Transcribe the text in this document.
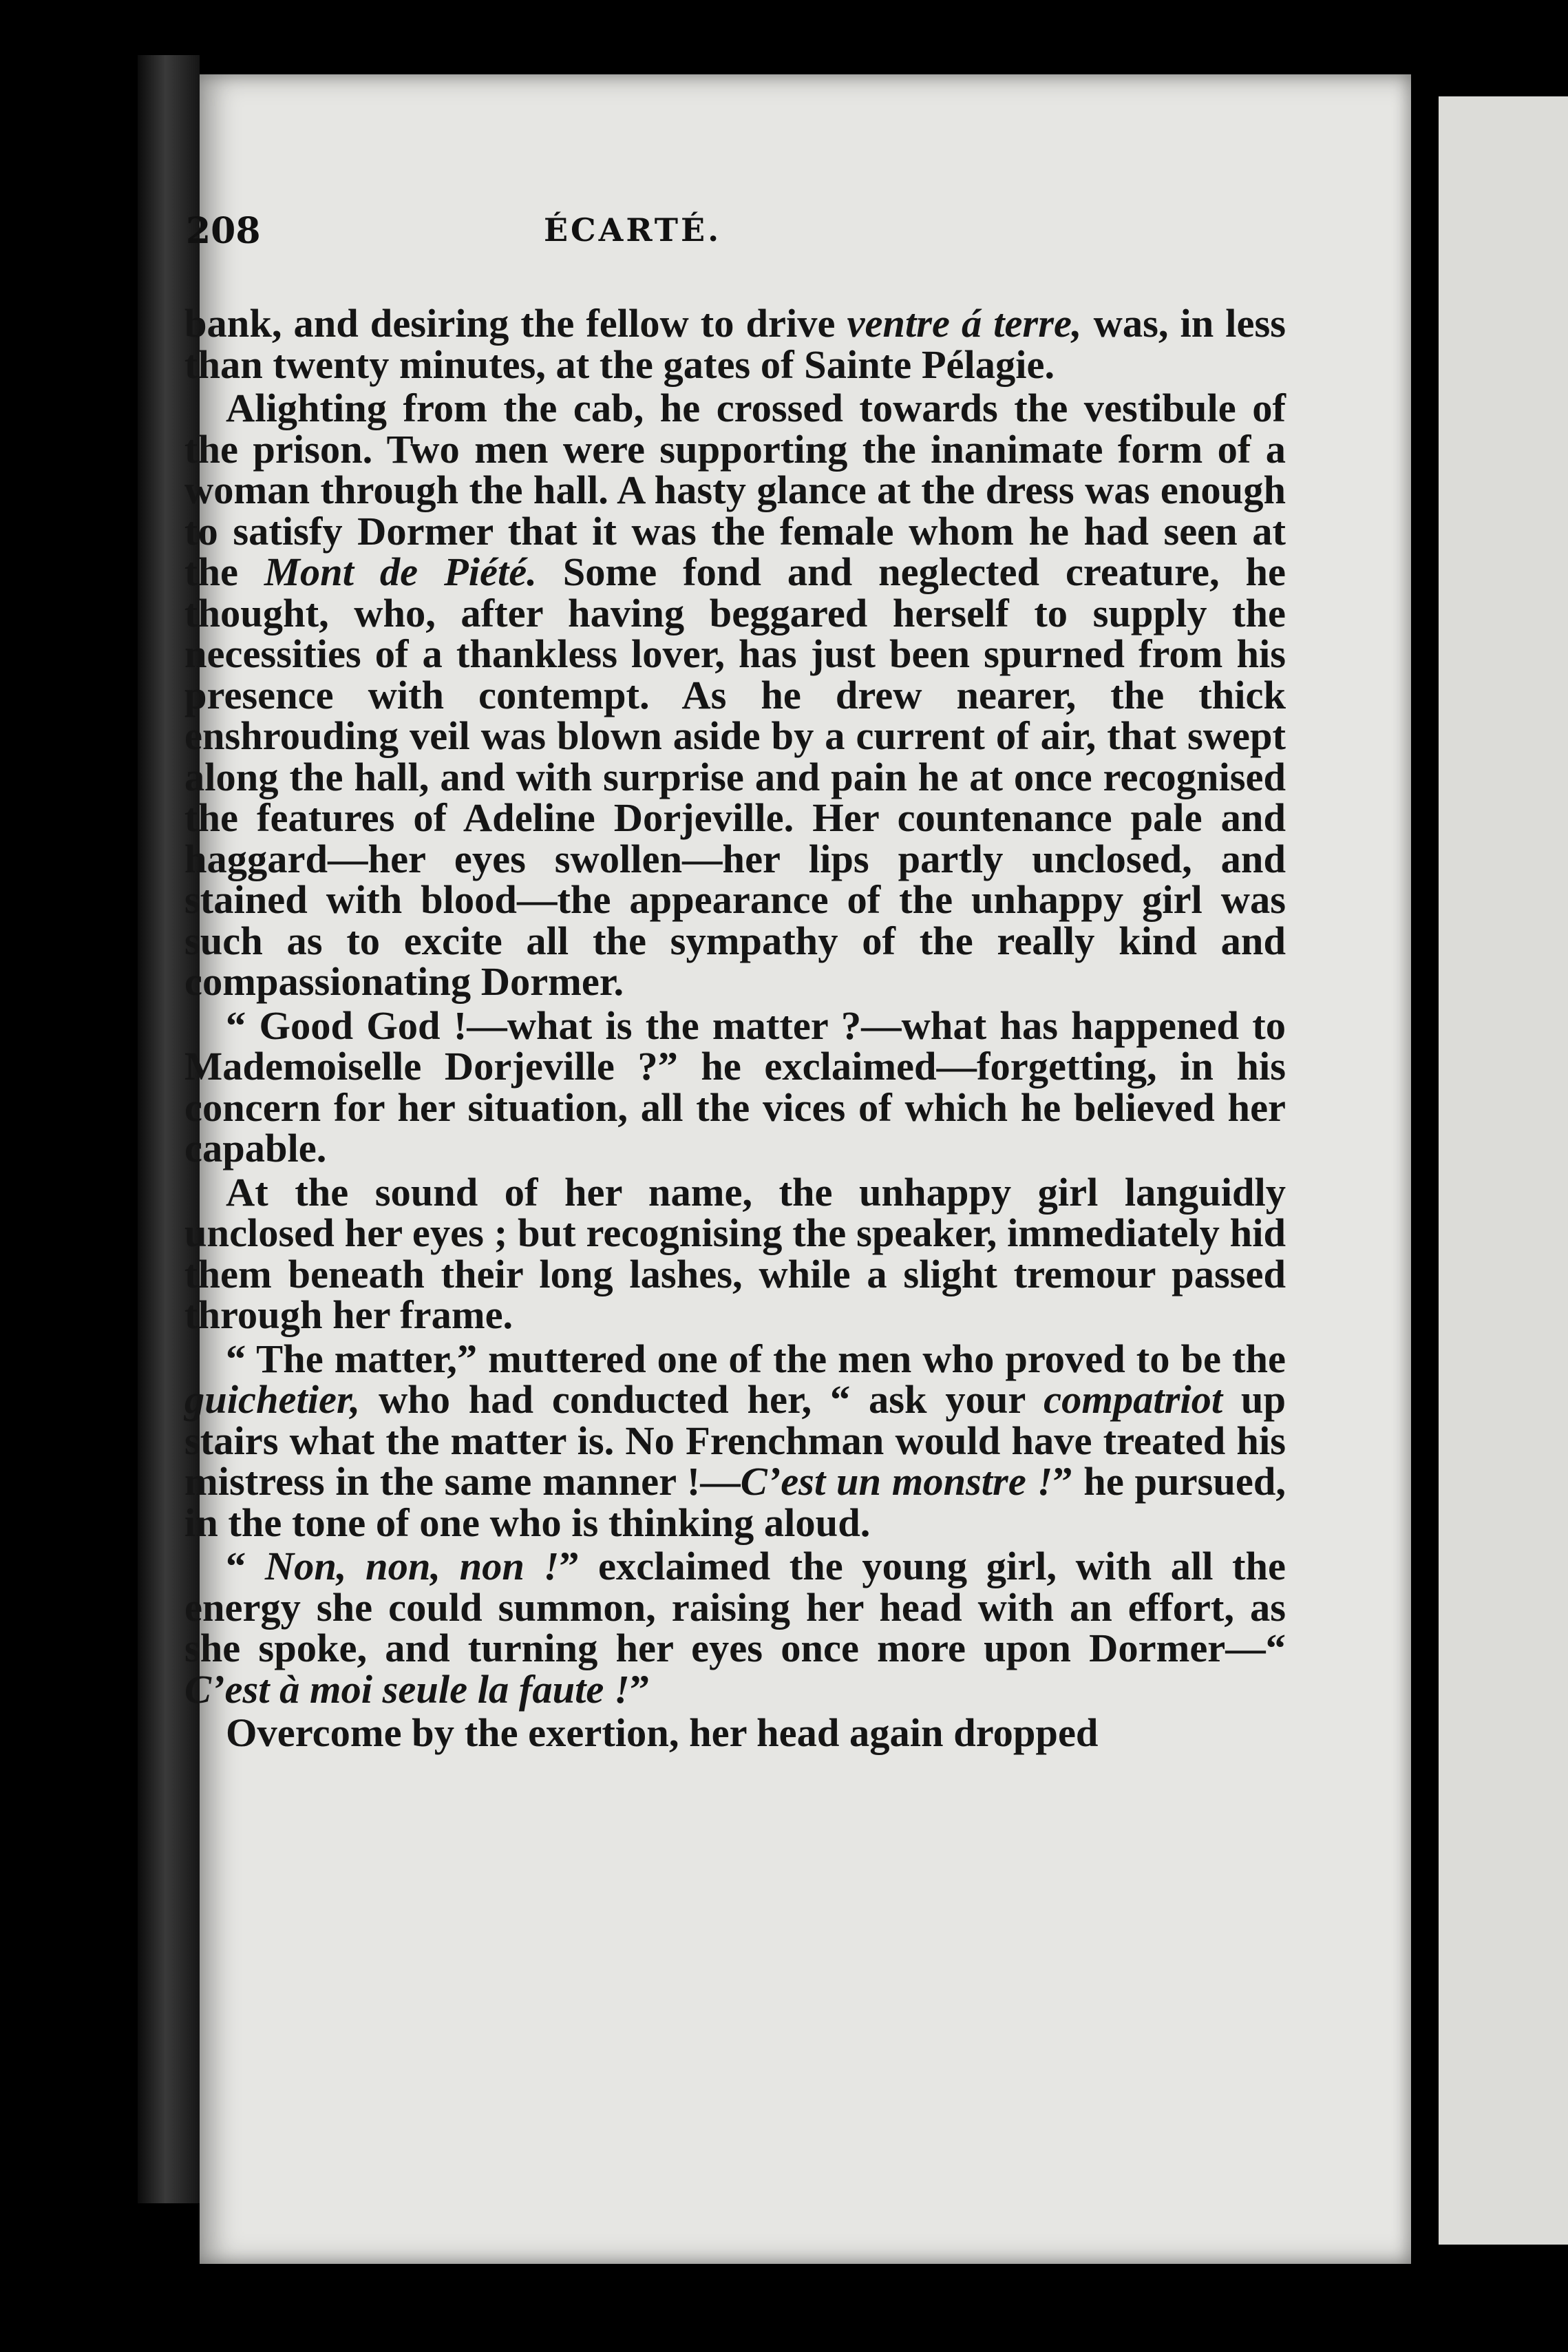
208	ÉCARTÉ.

bank, and desiring the fellow to drive ventre á terre, was, in less than twenty minutes, at the gates of Sainte Pélagie.

Alighting from the cab, he crossed towards the vestibule of the prison. Two men were supporting the inanimate form of a woman through the hall. A hasty glance at the dress was enough to satisfy Dormer that it was the female whom he had seen at the Mont de Piété. Some fond and neglected creature, he thought, who, after having beggared herself to supply the necessities of a thankless lover, has just been spurned from his presence with contempt. As he drew nearer, the thick enshrouding veil was blown aside by a current of air, that swept along the hall, and with surprise and pain he at once recognised the features of Adeline Dorjeville. Her countenance pale and haggard—her eyes swollen—her lips partly unclosed, and stained with blood—the appearance of the unhappy girl was such as to excite all the sympathy of the really kind and compassionating Dormer.

“ Good God !—what is the matter ?—what has happened to Mademoiselle Dorjeville ?” he exclaimed—forgetting, in his concern for her situation, all the vices of which he believed her capable.

At the sound of her name, the unhappy girl languidly unclosed her eyes ; but recognising the speaker, immediately hid them beneath their long lashes, while a slight tremour passed through her frame.

“ The matter,” muttered one of the men who proved to be the guichetier, who had conducted her, “ ask your compatriot up stairs what the matter is. No Frenchman would have treated his mistress in the same manner !—C’est un monstre !” he pursued, in the tone of one who is thinking aloud.

“ Non, non, non !” exclaimed the young girl, with all the energy she could summon, raising her head with an effort, as she spoke, and turning her eyes once more upon Dormer—“ C’est à moi seule la faute !”

Overcome by the exertion, her head again dropped
